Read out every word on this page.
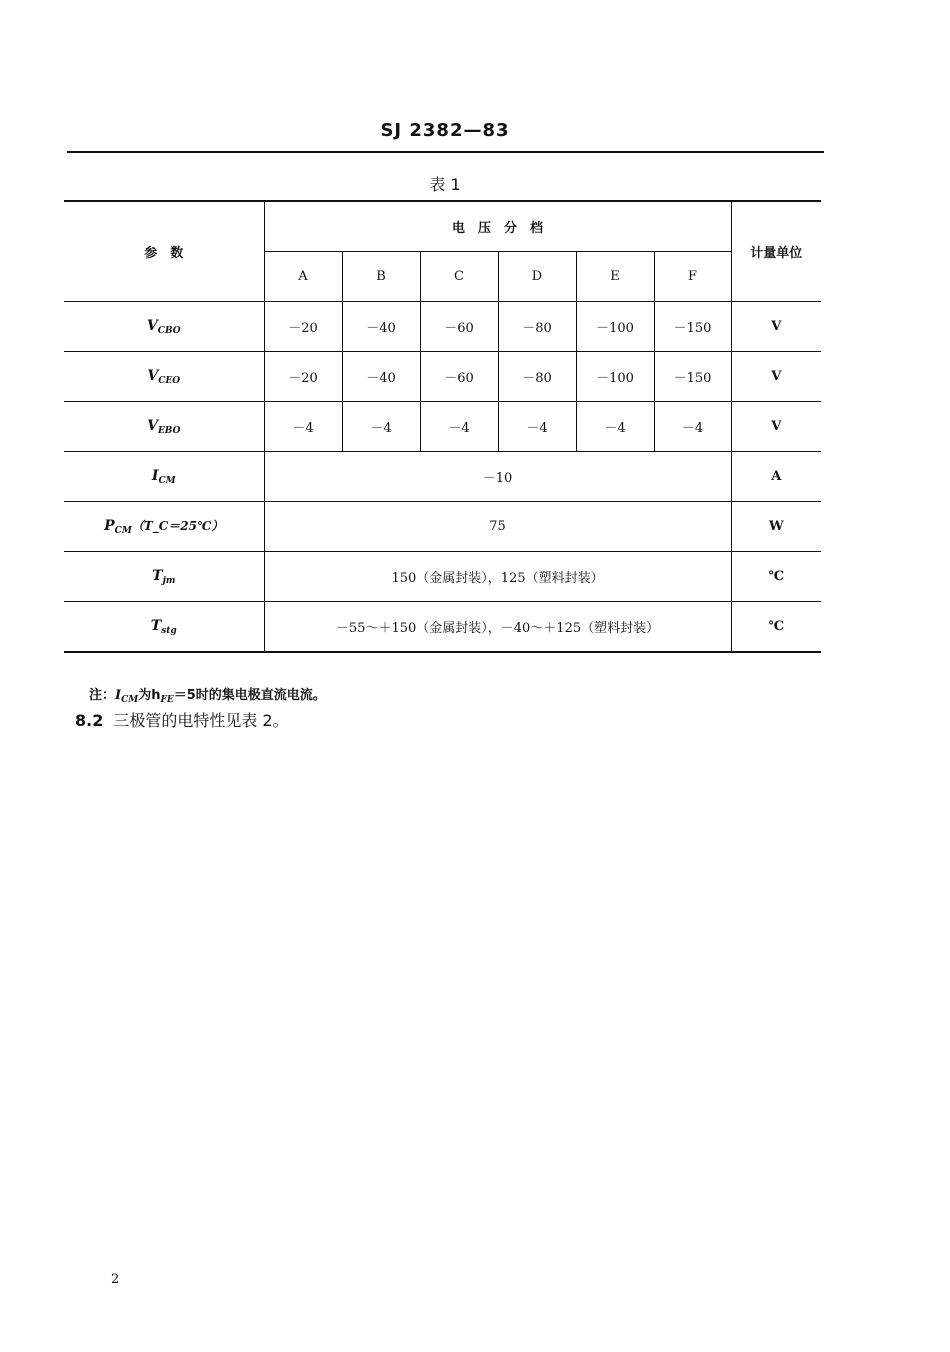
SJ 2382—83
表 1
参　数	电　压　分　档						计量单位
	A	B	C	D	E	F	
$V_{CBO}$	－20	－40	－60	－80	－100	－150	V
$V_{CEO}$	－20	－40	－60	－80	－100	－150	V
$V_{EBO}$	－4	－4	－4	－4	－4	－4	V
$I_{CM}$	－10						A
$P_{CM}(T\_C=25℃)$	75						W
$T_{jm}$	150（金属封装），125（塑料封装）						℃
$T_{stg}$	－55～＋150（金属封装），－40～＋125（塑料封装）						℃
注：$I_{CM}$为$h_{FE}=5$时的集电极直流电流。
8.2 三极管的电特性见表 2。
2
